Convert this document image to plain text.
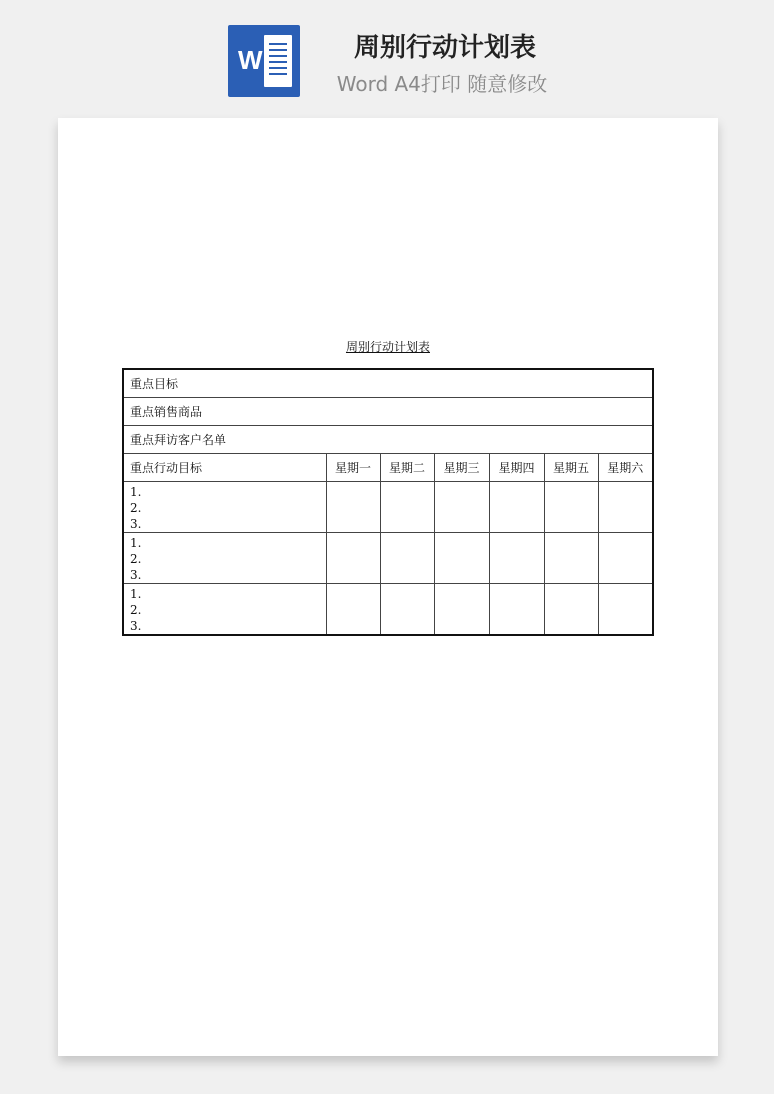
W	周别行动计划表
Word A4打印 随意修改
周别行动计划表
重点目标						
重点销售商品						
重点拜访客户名单						
重点行动目标	星期一	星期二	星期三	星期四	星期五	星期六

1.
2.
3.						

1.
2.
3.						

1.
2.
3.						
